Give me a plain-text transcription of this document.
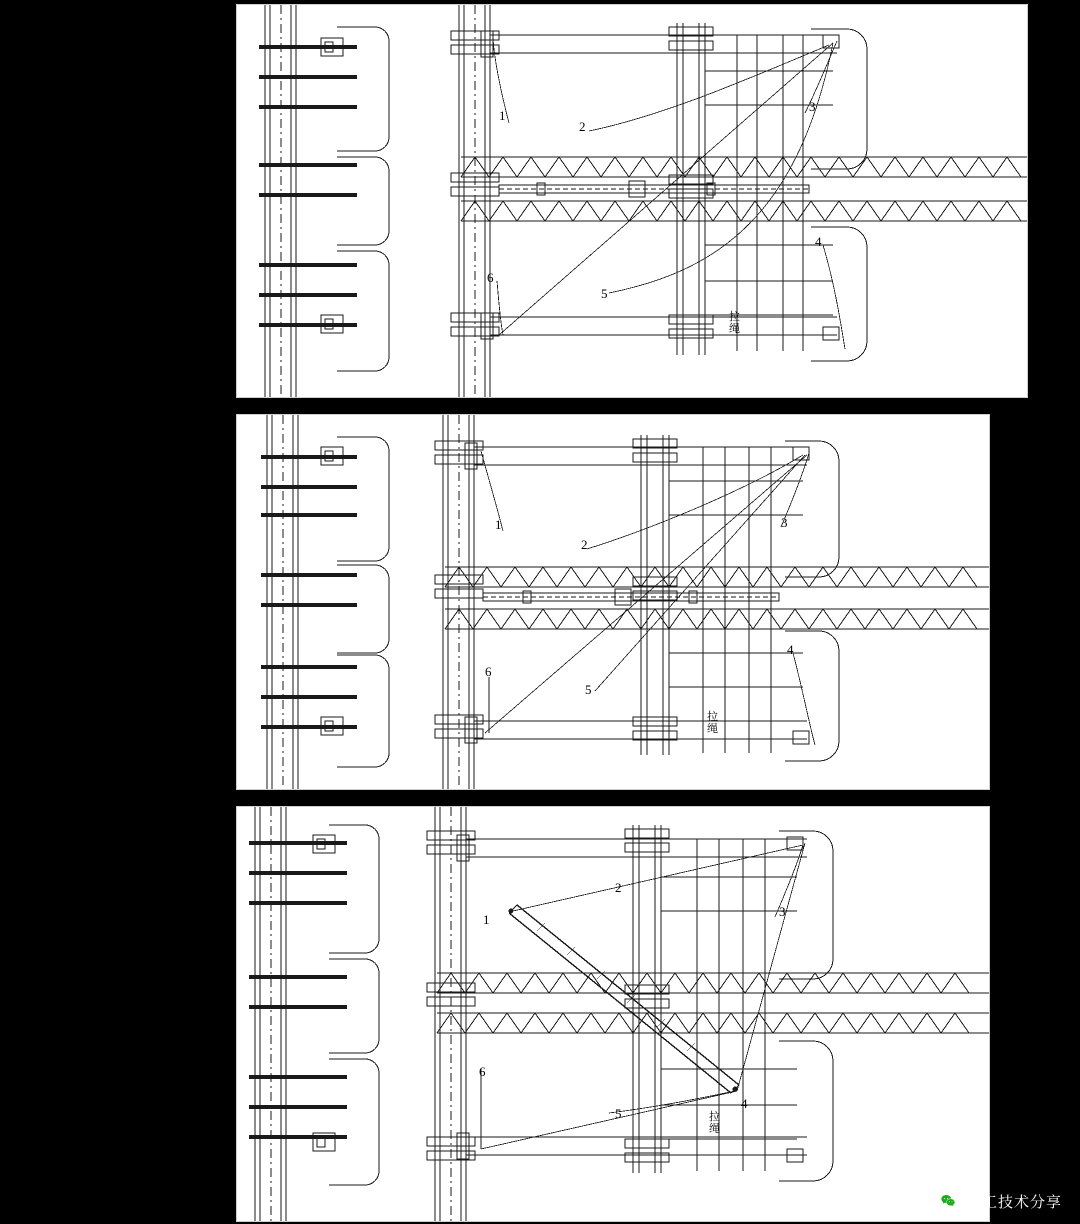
1
2
3
4
5
6
拉绳
1
2
3
4
5
6
拉绳
1
2
3
4
5
6
拉绳
施工技术分享
